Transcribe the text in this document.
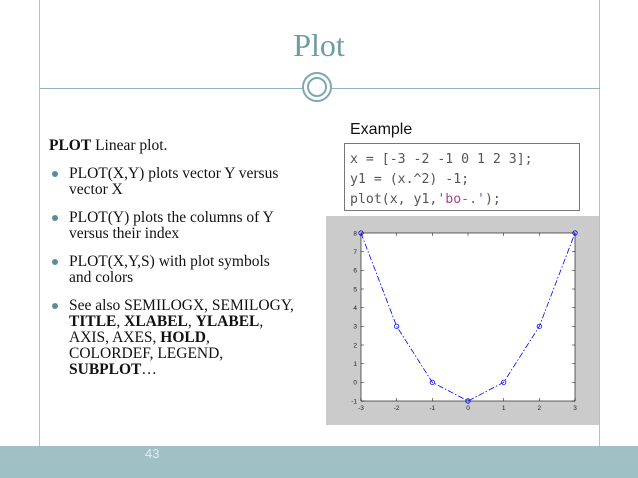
Plot
PLOT Linear plot.
PLOT(X,Y) plots vector Y versus vector X
PLOT(Y) plots the columns of Y versus their index
PLOT(X,Y,S) with plot symbols and colors
See also SEMILOGX, SEMILOGY, TITLE, XLABEL, YLABEL, AXIS, AXES, HOLD, COLORDEF, LEGEND, SUBPLOT…
Example
x = [-3 -2 -1 0 1 2 3];
y1 = (x.^2) -1;
plot(x, y1,'bo-.');
-3	-2	-1	0	1	2	3
-1
0
1
2
3
4
5
6
7
8
43
